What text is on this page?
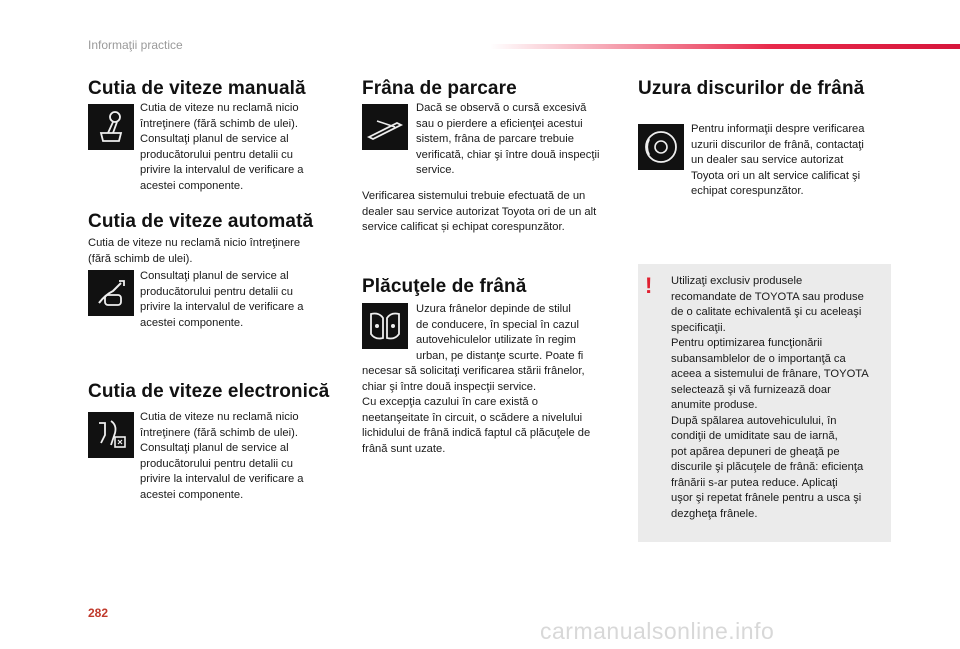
Informaţii practice
Cutia de viteze manuală
Cutia de viteze nu reclamă nicio
întreţinere (fără schimb de ulei).
Consultaţi planul de service al
producătorului pentru detalii cu
privire la intervalul de verificare a
acestei componente.
Cutia de viteze automată
Cutia de viteze nu reclamă nicio întreţinere
(fără schimb de ulei).
Consultaţi planul de service al
producătorului pentru detalii cu
privire la intervalul de verificare a
acestei componente.
Cutia de viteze electronică
Cutia de viteze nu reclamă nicio
întreţinere (fără schimb de ulei).
Consultaţi planul de service al
producătorului pentru detalii cu
privire la intervalul de verificare a
acestei componente.
Frâna de parcare
Dacă se observă o cursă excesivă
sau o pierdere a eficienţei acestui
sistem, frâna de parcare trebuie
verificată, chiar şi între două inspecţii
service.
Verificarea sistemului trebuie efectuată de un
dealer sau service autorizat Toyota ori de un alt
service calificat și echipat corespunzător.
Plăcuţele de frână
Uzura frânelor depinde de stilul
de conducere, în special în cazul
autovehiculelor utilizate în regim
urban, pe distanţe scurte. Poate fi
necesar să solicitaţi verificarea stării frânelor,
chiar şi între două inspecţii service.
Cu excepţia cazului în care există o
neetanşeitate în circuit, o scădere a nivelului
lichidului de frână indică faptul că plăcuţele de
frână sunt uzate.
Uzura discurilor de frână
Pentru informaţii despre verificarea
uzurii discurilor de frână, contactaţi
un dealer sau service autorizat
Toyota ori un alt service calificat şi
echipat corespunzător.
! Utilizaţi exclusiv produsele
recomandate de TOYOTA sau produse
de o calitate echivalentă şi cu aceleaşi
specificaţii.
Pentru optimizarea funcţionării
subansamblelor de o importanţă ca
aceea a sistemului de frânare, TOYOTA
selectează şi vă furnizează doar
anumite produse.
După spălarea autovehiculului, în
condiţii de umiditate sau de iarnă,
pot apărea depuneri de gheaţă pe
discurile şi plăcuţele de frână: eficienţa
frânării s-ar putea reduce. Aplicaţi
uşor şi repetat frânele pentru a usca şi
dezgheţa frânele.
282
carmanualsonline.info
